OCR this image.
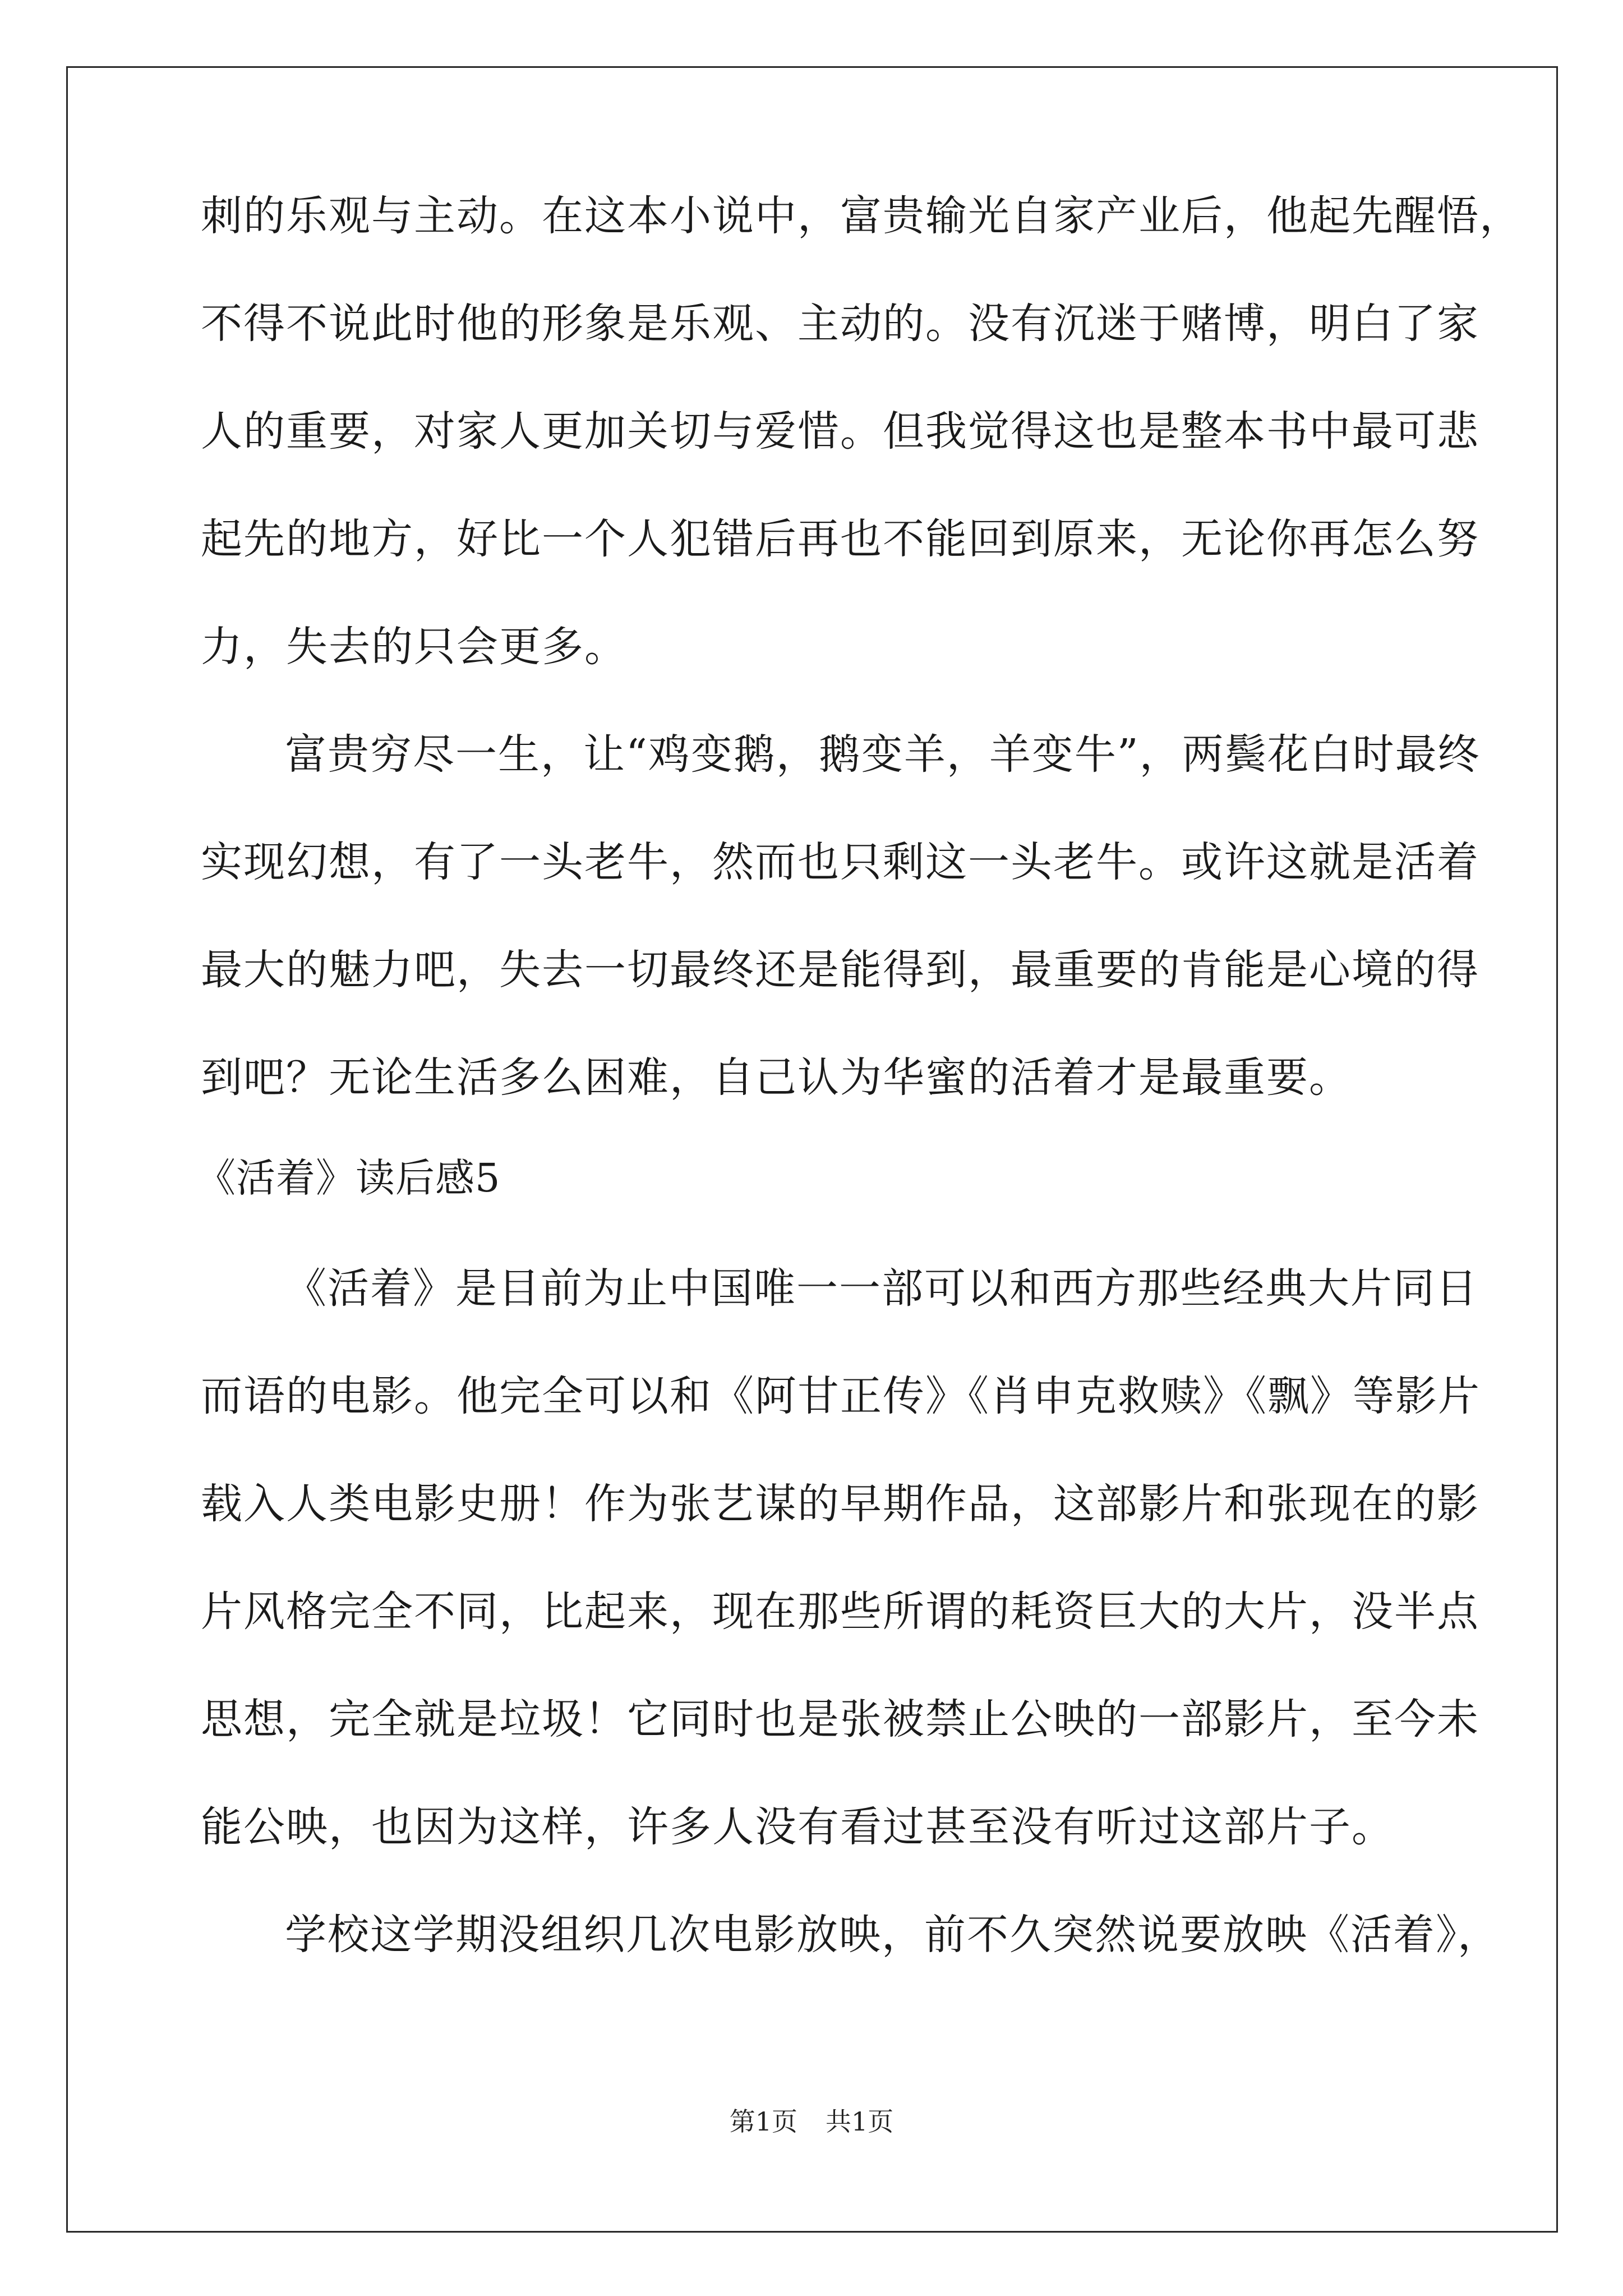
刺的乐观与主动。在这本小说中，富贵输光自家产业后，他起先醒悟，
不得不说此时他的形象是乐观、主动的。没有沉迷于赌博，明白了家
人的重要，对家人更加关切与爱惜。但我觉得这也是整本书中最可悲
起先的地方，好比一个人犯错后再也不能回到原来，无论你再怎么努
力，失去的只会更多。
富贵穷尽一生，让“鸡变鹅，鹅变羊，羊变牛”，两鬓花白时最终
实现幻想，有了一头老牛，然而也只剩这一头老牛。或许这就是活着
最大的魅力吧，失去一切最终还是能得到，最重要的肯能是心境的得
到吧？无论生活多么困难，自己认为华蜜的活着才是最重要。
《活着》读后感5
《活着》是目前为止中国唯一一部可以和西方那些经典大片同日
而语的电影。他完全可以和《阿甘正传》《肖申克救赎》《飘》等影片
载入人类电影史册！作为张艺谋的早期作品，这部影片和张现在的影
片风格完全不同，比起来，现在那些所谓的耗资巨大的大片，没半点
思想，完全就是垃圾！它同时也是张被禁止公映的一部影片，至今未
能公映，也因为这样，许多人没有看过甚至没有听过这部片子。
学校这学期没组织几次电影放映，前不久突然说要放映《活着》，
第1页 共1页
